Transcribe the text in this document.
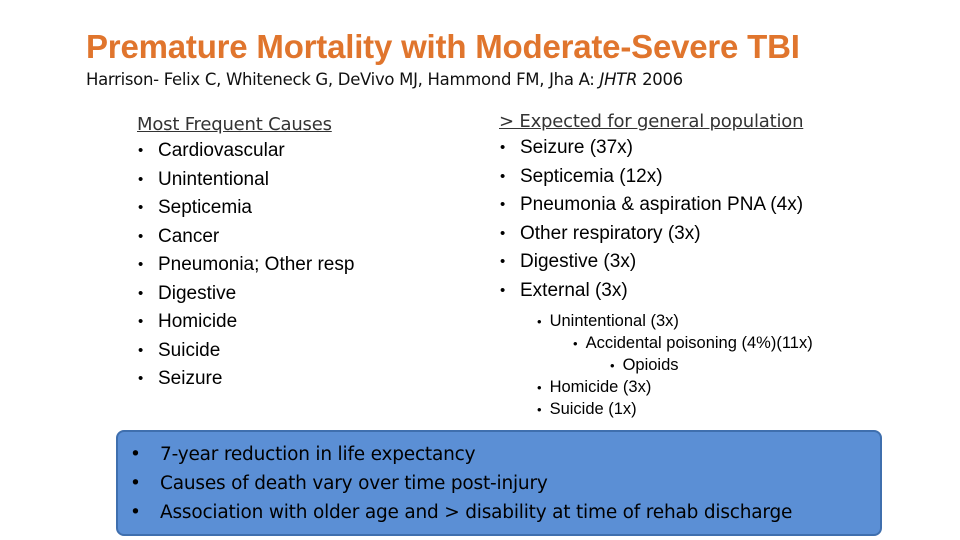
Premature Mortality with Moderate-Severe TBI
Harrison- Felix C, Whiteneck G, DeVivo MJ, Hammond FM, Jha A: JHTR 2006
Most Frequent Causes
• Cardiovascular
• Unintentional
• Septicemia
• Cancer
• Pneumonia; Other resp
• Digestive
• Homicide
• Suicide
• Seizure
> Expected for general population
• Seizure (37x)
• Septicemia (12x)
• Pneumonia & aspiration PNA (4x)
• Other respiratory (3x)
• Digestive (3x)
• External (3x)
• Unintentional (3x)
• Accidental poisoning (4%)(11x)
• Opioids
• Homicide (3x)
• Suicide (1x)
• 7-year reduction in life expectancy
• Causes of death vary over time post-injury
• Association with older age and > disability at time of rehab discharge
